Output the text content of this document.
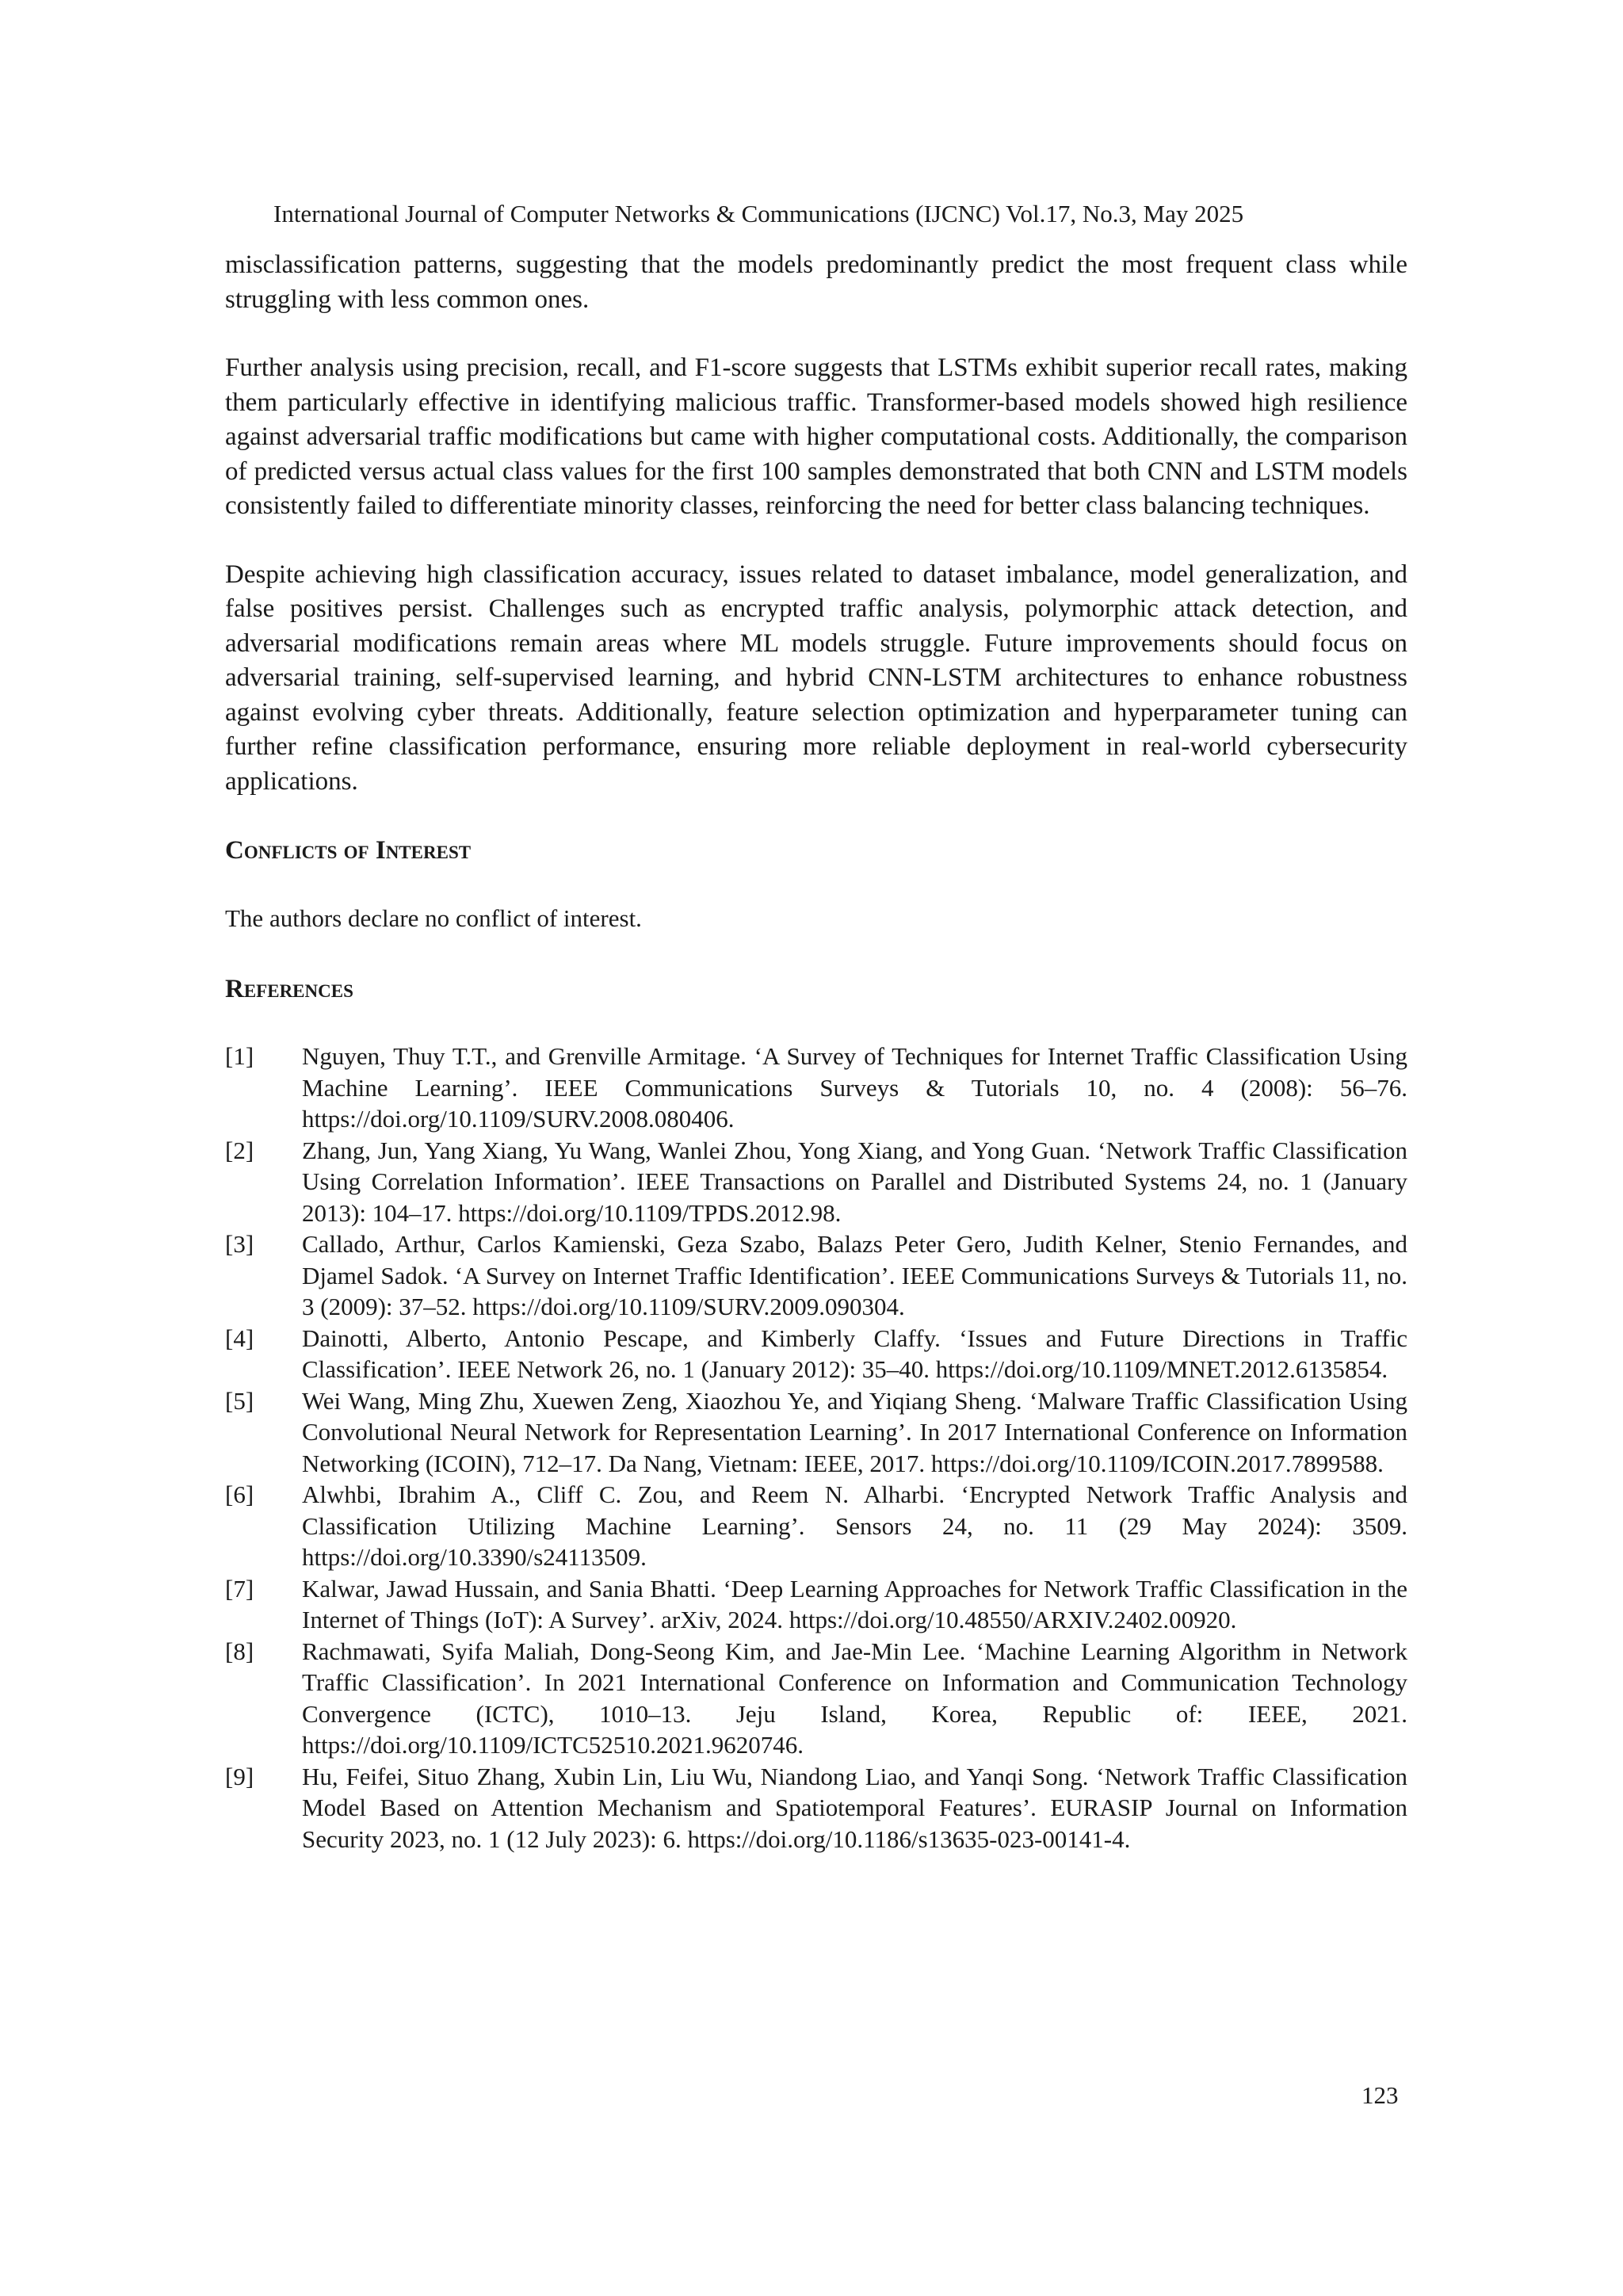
International Journal of Computer Networks & Communications (IJCNC) Vol.17, No.3, May 2025

misclassification patterns, suggesting that the models predominantly predict the most frequent class while struggling with less common ones.

Further analysis using precision, recall, and F1-score suggests that LSTMs exhibit superior recall rates, making them particularly effective in identifying malicious traffic. Transformer-based models showed high resilience against adversarial traffic modifications but came with higher computational costs. Additionally, the comparison of predicted versus actual class values for the first 100 samples demonstrated that both CNN and LSTM models consistently failed to differentiate minority classes, reinforcing the need for better class balancing techniques.

Despite achieving high classification accuracy, issues related to dataset imbalance, model generalization, and false positives persist. Challenges such as encrypted traffic analysis, polymorphic attack detection, and adversarial modifications remain areas where ML models struggle. Future improvements should focus on adversarial training, self-supervised learning, and hybrid CNN-LSTM architectures to enhance robustness against evolving cyber threats. Additionally, feature selection optimization and hyperparameter tuning can further refine classification performance, ensuring more reliable deployment in real-world cybersecurity applications.

Conflicts of Interest

The authors declare no conflict of interest.

References
[1]	Nguyen, Thuy T.T., and Grenville Armitage. ‘A Survey of Techniques for Internet Traffic Classification Using Machine Learning’. IEEE Communications Surveys & Tutorials 10, no. 4 (2008): 56–76. https://doi.org/10.1109/SURV.2008.080406.
[2]	Zhang, Jun, Yang Xiang, Yu Wang, Wanlei Zhou, Yong Xiang, and Yong Guan. ‘Network Traffic Classification Using Correlation Information’. IEEE Transactions on Parallel and Distributed Systems 24, no. 1 (January 2013): 104–17. https://doi.org/10.1109/TPDS.2012.98.
[3]	Callado, Arthur, Carlos Kamienski, Geza Szabo, Balazs Peter Gero, Judith Kelner, Stenio Fernandes, and Djamel Sadok. ‘A Survey on Internet Traffic Identification’. IEEE Communications Surveys & Tutorials 11, no. 3 (2009): 37–52. https://doi.org/10.1109/SURV.2009.090304.
[4]	Dainotti, Alberto, Antonio Pescape, and Kimberly Claffy. ‘Issues and Future Directions in Traffic Classification’. IEEE Network 26, no. 1 (January 2012): 35–40. https://doi.org/10.1109/MNET.2012.6135854.
[5]	Wei Wang, Ming Zhu, Xuewen Zeng, Xiaozhou Ye, and Yiqiang Sheng. ‘Malware Traffic Classification Using Convolutional Neural Network for Representation Learning’. In 2017 International Conference on Information Networking (ICOIN), 712–17. Da Nang, Vietnam: IEEE, 2017. https://doi.org/10.1109/ICOIN.2017.7899588.
[6]	Alwhbi, Ibrahim A., Cliff C. Zou, and Reem N. Alharbi. ‘Encrypted Network Traffic Analysis and Classification Utilizing Machine Learning’. Sensors 24, no. 11 (29 May 2024): 3509. https://doi.org/10.3390/s24113509.
[7]	Kalwar, Jawad Hussain, and Sania Bhatti. ‘Deep Learning Approaches for Network Traffic Classification in the Internet of Things (IoT): A Survey’. arXiv, 2024. https://doi.org/10.48550/ARXIV.2402.00920.
[8]	Rachmawati, Syifa Maliah, Dong-Seong Kim, and Jae-Min Lee. ‘Machine Learning Algorithm in Network Traffic Classification’. In 2021 International Conference on Information and Communication Technology Convergence (ICTC), 1010–13. Jeju Island, Korea, Republic of: IEEE, 2021. https://doi.org/10.1109/ICTC52510.2021.9620746.
[9]	Hu, Feifei, Situo Zhang, Xubin Lin, Liu Wu, Niandong Liao, and Yanqi Song. ‘Network Traffic Classification Model Based on Attention Mechanism and Spatiotemporal Features’. EURASIP Journal on Information Security 2023, no. 1 (12 July 2023): 6. https://doi.org/10.1186/s13635-023-00141-4.
123
